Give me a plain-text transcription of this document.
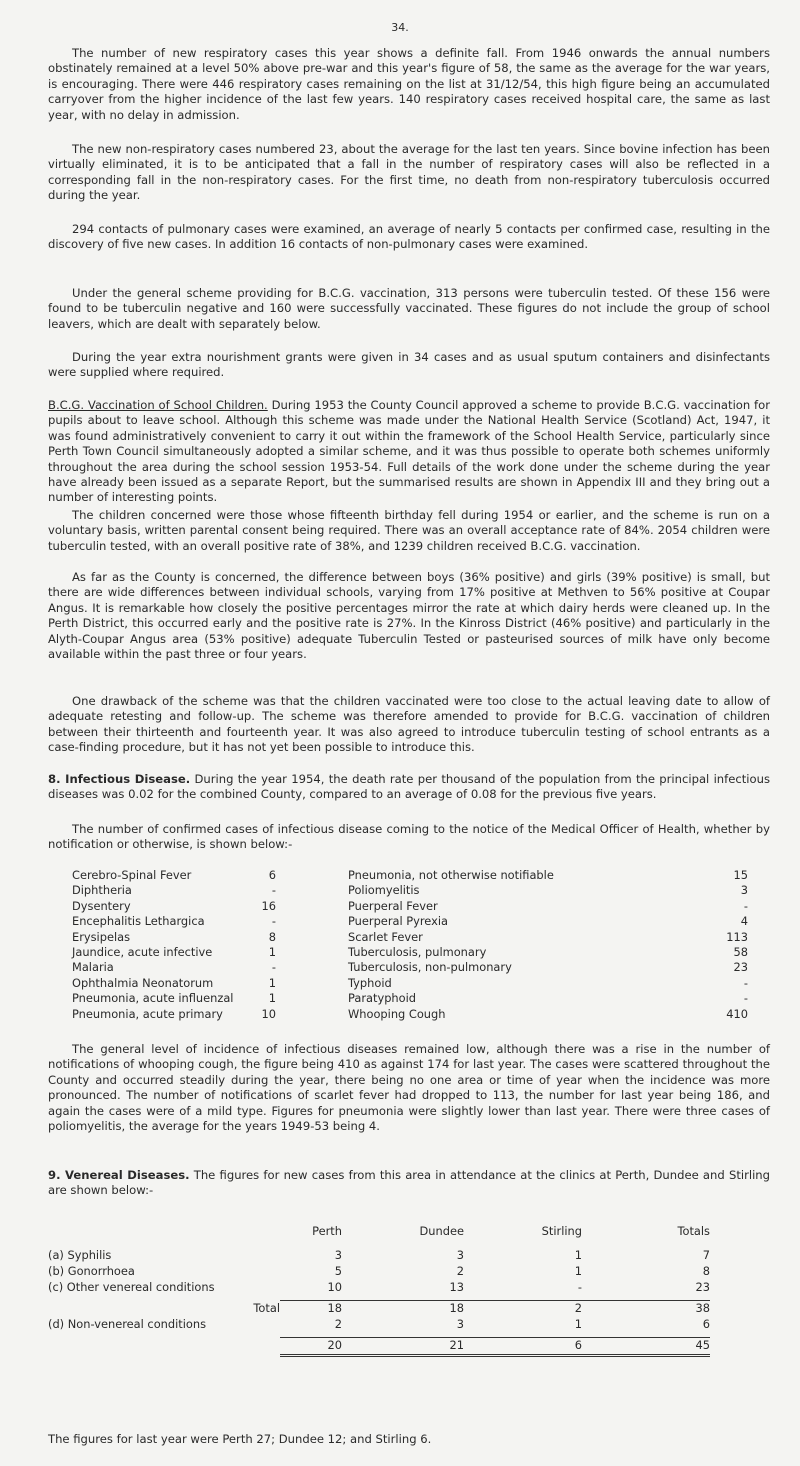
34.

The number of new respiratory cases this year shows a definite fall. From 1946 onwards the annual numbers obstinately remained at a level 50% above pre-war and this year's figure of 58, the same as the average for the war years, is encouraging. There were 446 respiratory cases remaining on the list at 31/12/54, this high figure being an accumulated carryover from the higher incidence of the last few years. 140 respiratory cases received hospital care, the same as last year, with no delay in admission.

The new non-respiratory cases numbered 23, about the average for the last ten years. Since bovine infection has been virtually eliminated, it is to be anticipated that a fall in the number of respiratory cases will also be reflected in a corresponding fall in the non-respiratory cases. For the first time, no death from non-respiratory tuberculosis occurred during the year.

294 contacts of pulmonary cases were examined, an average of nearly 5 contacts per confirmed case, resulting in the discovery of five new cases. In addition 16 contacts of non-pulmonary cases were examined.

Under the general scheme providing for B.C.G. vaccination, 313 persons were tuberculin tested. Of these 156 were found to be tuberculin negative and 160 were successfully vaccinated. These figures do not include the group of school leavers, which are dealt with separately below.

During the year extra nourishment grants were given in 34 cases and as usual sputum containers and disinfectants were supplied where required.

B.C.G. Vaccination of School Children. During 1953 the County Council approved a scheme to provide B.C.G. vaccination for pupils about to leave school. Although this scheme was made under the National Health Service (Scotland) Act, 1947, it was found administratively convenient to carry it out within the framework of the School Health Service, particularly since Perth Town Council simultaneously adopted a similar scheme, and it was thus possible to operate both schemes uniformly throughout the area during the school session 1953-54. Full details of the work done under the scheme during the year have already been issued as a separate Report, but the summarised results are shown in Appendix III and they bring out a number of interesting points.

The children concerned were those whose fifteenth birthday fell during 1954 or earlier, and the scheme is run on a voluntary basis, written parental consent being required. There was an overall acceptance rate of 84%. 2054 children were tuberculin tested, with an overall positive rate of 38%, and 1239 children received B.C.G. vaccination.

As far as the County is concerned, the difference between boys (36% positive) and girls (39% positive) is small, but there are wide differences between individual schools, varying from 17% positive at Methven to 56% positive at Coupar Angus. It is remarkable how closely the positive percentages mirror the rate at which dairy herds were cleaned up. In the Perth District, this occurred early and the positive rate is 27%. In the Kinross District (46% positive) and particularly in the Alyth-Coupar Angus area (53% positive) adequate Tuberculin Tested or pasteurised sources of milk have only become available within the past three or four years.

One drawback of the scheme was that the children vaccinated were too close to the actual leaving date to allow of adequate retesting and follow-up. The scheme was therefore amended to provide for B.C.G. vaccination of children between their thirteenth and fourteenth year. It was also agreed to introduce tuberculin testing of school entrants as a case-finding procedure, but it has not yet been possible to introduce this.

8. Infectious Disease. During the year 1954, the death rate per thousand of the population from the principal infectious diseases was 0.02 for the combined County, compared to an average of 0.08 for the previous five years.

The number of confirmed cases of infectious disease coming to the notice of the Medical Officer of Health, whether by notification or otherwise, is shown below:-

Cerebro-Spinal Fever	6
Diphtheria	-
Dysentery	16
Encephalitis Lethargica	-
Erysipelas	8
Jaundice, acute infective	1
Malaria	-
Ophthalmia Neonatorum	1
Pneumonia, acute influenzal	1
Pneumonia, acute primary	10
Pneumonia, not otherwise notifiable	15
Poliomyelitis	3
Puerperal Fever	-
Puerperal Pyrexia	4
Scarlet Fever	113
Tuberculosis, pulmonary	58
Tuberculosis, non-pulmonary	23
Typhoid	-
Paratyphoid	-
Whooping Cough	410

The general level of incidence of infectious diseases remained low, although there was a rise in the number of notifications of whooping cough, the figure being 410 as against 174 for last year. The cases were scattered throughout the County and occurred steadily during the year, there being no one area or time of year when the incidence was more pronounced. The number of notifications of scarlet fever had dropped to 113, the number for last year being 186, and again the cases were of a mild type. Figures for pneumonia were slightly lower than last year. There were three cases of poliomyelitis, the average for the years 1949-53 being 4.

9. Venereal Diseases. The figures for new cases from this area in attendance at the clinics at Perth, Dundee and Stirling are shown below:-

	Perth	Dundee	Stirling	Totals

(a) Syphilis	3	3	1	7
(b) Gonorrhoea	5	2	1	8
(c) Other venereal conditions	10	13	-	23

Total	18	18	2	38
(d) Non-venereal conditions	2	3	1	6

	20	21	6	45

The figures for last year were Perth 27; Dundee 12; and Stirling 6.
